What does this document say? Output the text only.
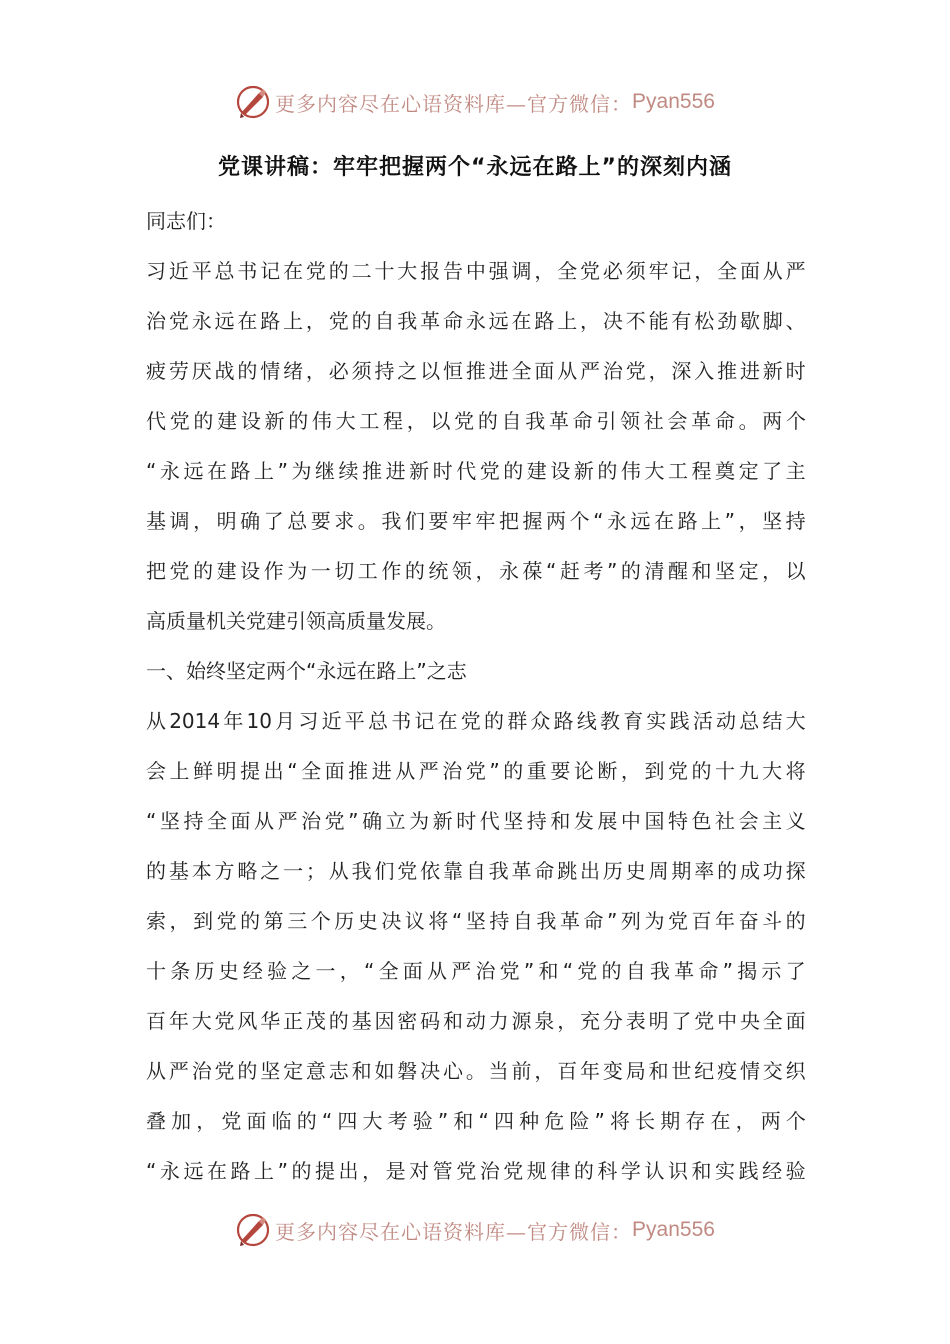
更多内容尽在心语资料库—官方微信： Pyan556
党课讲稿：牢牢把握两个“永远在路上”的深刻内涵
同志们：
习 近 平 总 书 记 在 党 的 二 十 大 报 告 中 强 调 ， 全 党 必 须 牢 记 ， 全 面 从 严
治 党 永 远 在 路 上 ， 党 的 自 我 革 命 永 远 在 路 上 ， 决 不 能 有 松 劲 歇 脚 、
疲 劳 厌 战 的 情 绪 ， 必 须 持 之 以 恒 推 进 全 面 从 严 治 党 ， 深 入 推 进 新 时
代 党 的 建 设 新 的 伟 大 工 程 ， 以 党 的 自 我 革 命 引 领 社 会 革 命 。 两 个
“ 永 远 在 路 上 ” 为 继 续 推 进 新 时 代 党 的 建 设 新 的 伟 大 工 程 奠 定 了 主
基 调 ， 明 确 了 总 要 求 。 我 们 要 牢 牢 把 握 两 个 “ 永 远 在 路 上 ” ， 坚 持
把 党 的 建 设 作 为 一 切 工 作 的 统 领 ， 永 葆 “ 赶 考 ” 的 清 醒 和 坚 定 ， 以
高质量机关党建引领高质量发展。
一、始终坚定两个“永远在路上”之志
从 2014 年 10 月 习 近 平 总 书 记 在 党 的 群 众 路 线 教 育 实 践 活 动 总 结 大
会 上 鲜 明 提 出 “ 全 面 推 进 从 严 治 党 ” 的 重 要 论 断 ， 到 党 的 十 九 大 将
“ 坚 持 全 面 从 严 治 党 ” 确 立 为 新 时 代 坚 持 和 发 展 中 国 特 色 社 会 主 义
的 基 本 方 略 之 一 ； 从 我 们 党 依 靠 自 我 革 命 跳 出 历 史 周 期 率 的 成 功 探
索 ， 到 党 的 第 三 个 历 史 决 议 将 “ 坚 持 自 我 革 命 ” 列 为 党 百 年 奋 斗 的
十 条 历 史 经 验 之 一 ， “ 全 面 从 严 治 党 ” 和 “ 党 的 自 我 革 命 ” 揭 示 了
百 年 大 党 风 华 正 茂 的 基 因 密 码 和 动 力 源 泉 ， 充 分 表 明 了 党 中 央 全 面
从 严 治 党 的 坚 定 意 志 和 如 磐 决 心 。 当 前 ， 百 年 变 局 和 世 纪 疫 情 交 织
叠 加 ， 党 面 临 的 “ 四 大 考 验 ” 和 “ 四 种 危 险 ” 将 长 期 存 在 ， 两 个
“ 永 远 在 路 上 ” 的 提 出 ， 是 对 管 党 治 党 规 律 的 科 学 认 识 和 实 践 经 验
更多内容尽在心语资料库—官方微信： Pyan556
